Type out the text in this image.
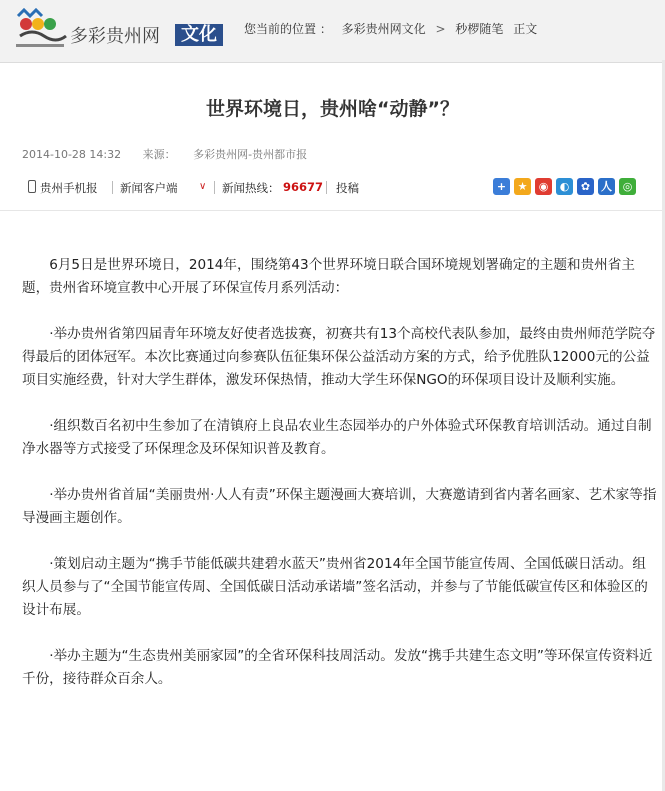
多彩贵州网	文化	您当前的位置 ： 多彩贵州网文化 > 秒椤随笔 正文
世界环境日，贵州啥“动静”？
2014-10-28 14:32 来源： 多彩贵州网-贵州都市报
贵州手机报 新闻客户端 ∨ 新闻热线： 96677 投稿	+	★	◉	◐	✿ 人 ◎

6月5日是世界环境日，2014年，围绕第43个世界环境日联合国环境规划署确定的主题和贵州省主题，贵州省环境宣教中心开展了环保宣传月系列活动：

·举办贵州省第四届青年环境友好使者选拔赛，初赛共有13个高校代表队参加，最终由贵州师范学院夺得最后的团体冠军。本次比赛通过向参赛队伍征集环保公益活动方案的方式，给予优胜队12000元的公益项目实施经费，针对大学生群体，激发环保热情，推动大学生环保NGO的环保项目设计及顺利实施。

·组织数百名初中生参加了在清镇府上良品农业生态园举办的户外体验式环保教育培训活动。通过自制净水器等方式接受了环保理念及环保知识普及教育。

·举办贵州省首届“美丽贵州·人人有责”环保主题漫画大赛培训，大赛邀请到省内著名画家、艺术家等指导漫画主题创作。

·策划启动主题为“携手节能低碳共建碧水蓝天”贵州省2014年全国节能宣传周、全国低碳日活动。组织人员参与了“全国节能宣传周、全国低碳日活动承诺墙”签名活动，并参与了节能低碳宣传区和体验区的设计布展。

·举办主题为“生态贵州美丽家园”的全省环保科技周活动。发放“携手共建生态文明”等环保宣传资料近千份，接待群众百余人。
